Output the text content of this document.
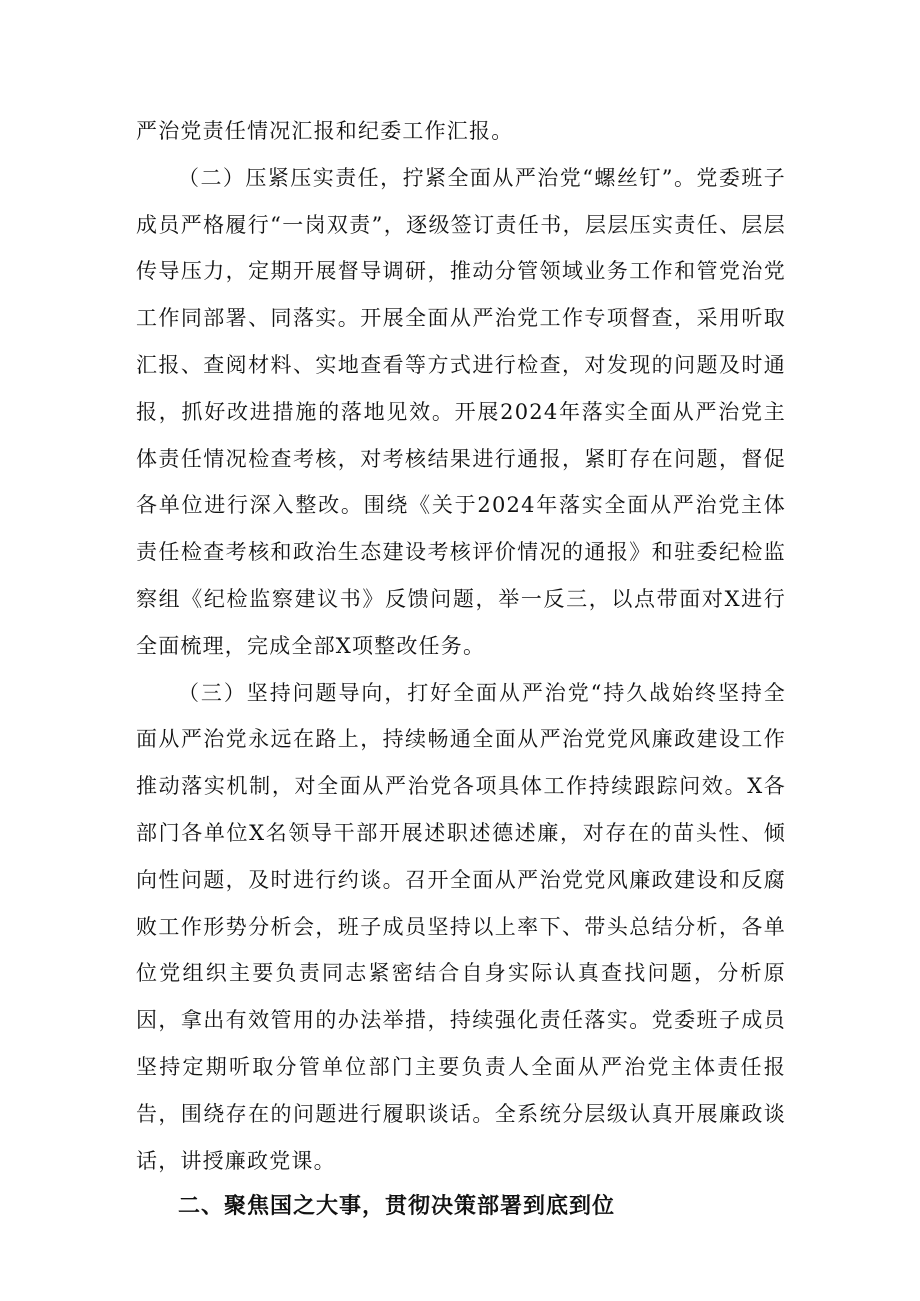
严治党责任情况汇报和纪委工作汇报。

（二）压紧压实责任，拧紧全面从严治党“螺丝钉”。党委班子成员严格履行“一岗双责”，逐级签订责任书，层层压实责任、层层传导压力，定期开展督导调研，推动分管领域业务工作和管党治党工作同部署、同落实。开展全面从严治党工作专项督查，采用听取汇报、查阅材料、实地查看等方式进行检查，对发现的问题及时通报，抓好改进措施的落地见效。开展2024年落实全面从严治党主体责任情况检查考核，对考核结果进行通报，紧盯存在问题，督促各单位进行深入整改。围绕《关于2024年落实全面从严治党主体责任检查考核和政治生态建设考核评价情况的通报》和驻委纪检监察组《纪检监察建议书》反馈问题，举一反三，以点带面对X进行全面梳理，完成全部X项整改任务。

（三）坚持问题导向，打好全面从严治党“持久战始终坚持全面从严治党永远在路上，持续畅通全面从严治党党风廉政建设工作推动落实机制，对全面从严治党各项具体工作持续跟踪问效。X各部门各单位X名领导干部开展述职述德述廉，对存在的苗头性、倾向性问题，及时进行约谈。召开全面从严治党党风廉政建设和反腐败工作形势分析会，班子成员坚持以上率下、带头总结分析，各单位党组织主要负责同志紧密结合自身实际认真查找问题，分析原因，拿出有效管用的办法举措，持续强化责任落实。党委班子成员坚持定期听取分管单位部门主要负责人全面从严治党主体责任报告，围绕存在的问题进行履职谈话。全系统分层级认真开展廉政谈话，讲授廉政党课。

二、聚焦国之大事，贯彻决策部署到底到位
